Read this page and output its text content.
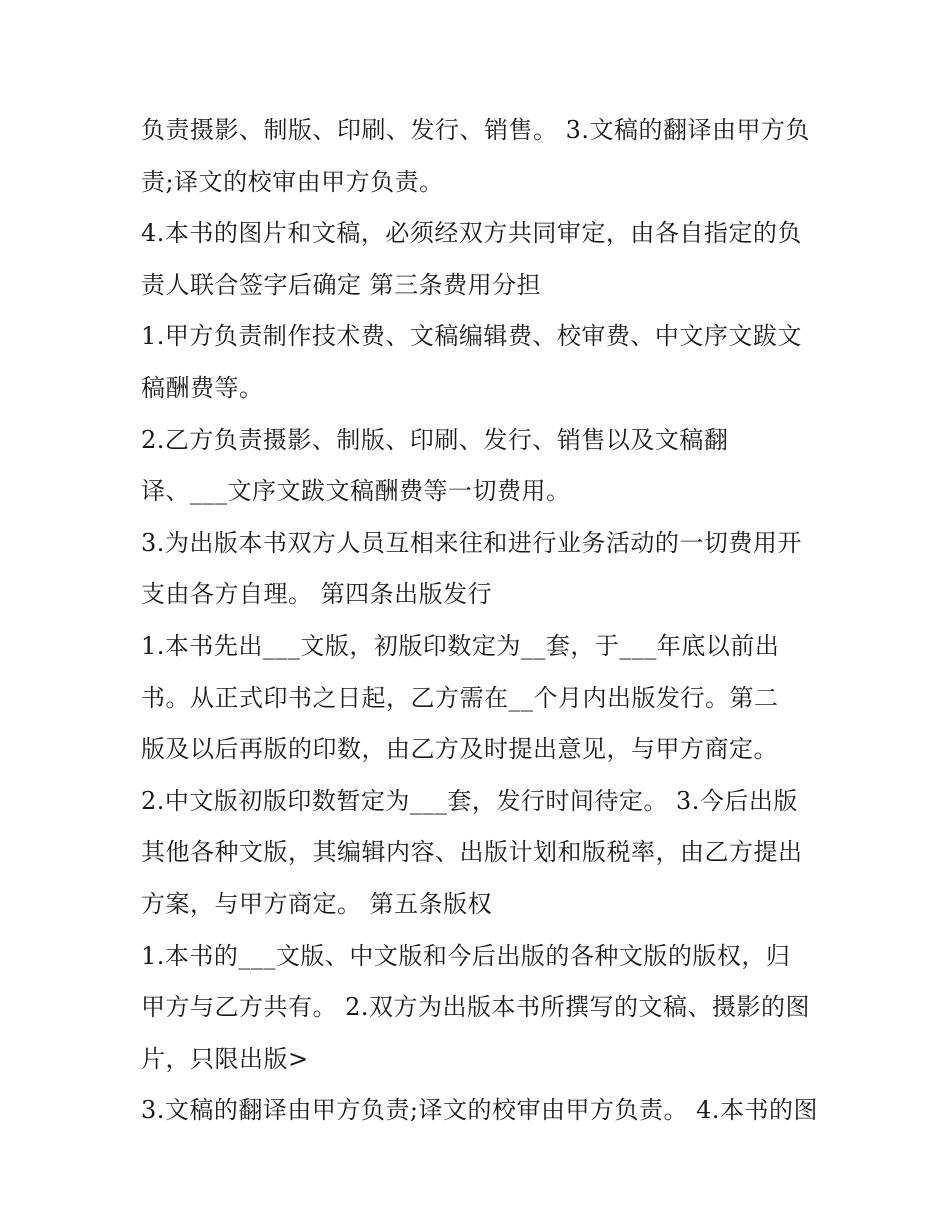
负责摄影、制版、印刷、发行、销售。 3.文稿的翻译由甲方负
责;译文的校审由甲方负责。
4.本书的图片和文稿，必须经双方共同审定，由各自指定的负
责人联合签字后确定 第三条费用分担
1.甲方负责制作技术费、文稿编辑费、校审费、中文序文跋文
稿酬费等。
2.乙方负责摄影、制版、印刷、发行、销售以及文稿翻
译、___文序文跋文稿酬费等一切费用。
3.为出版本书双方人员互相来往和进行业务活动的一切费用开
支由各方自理。 第四条出版发行
1.本书先出___文版，初版印数定为__套，于___年底以前出
书。从正式印书之日起，乙方需在__个月内出版发行。第二
版及以后再版的印数，由乙方及时提出意见，与甲方商定。
2.中文版初版印数暂定为___套，发行时间待定。 3.今后出版
其他各种文版，其编辑内容、出版计划和版税率，由乙方提出
方案，与甲方商定。 第五条版权
1.本书的___文版、中文版和今后出版的各种文版的版权，归
甲方与乙方共有。 2.双方为出版本书所撰写的文稿、摄影的图
片，只限出版>
3.文稿的翻译由甲方负责;译文的校审由甲方负责。 4.本书的图
